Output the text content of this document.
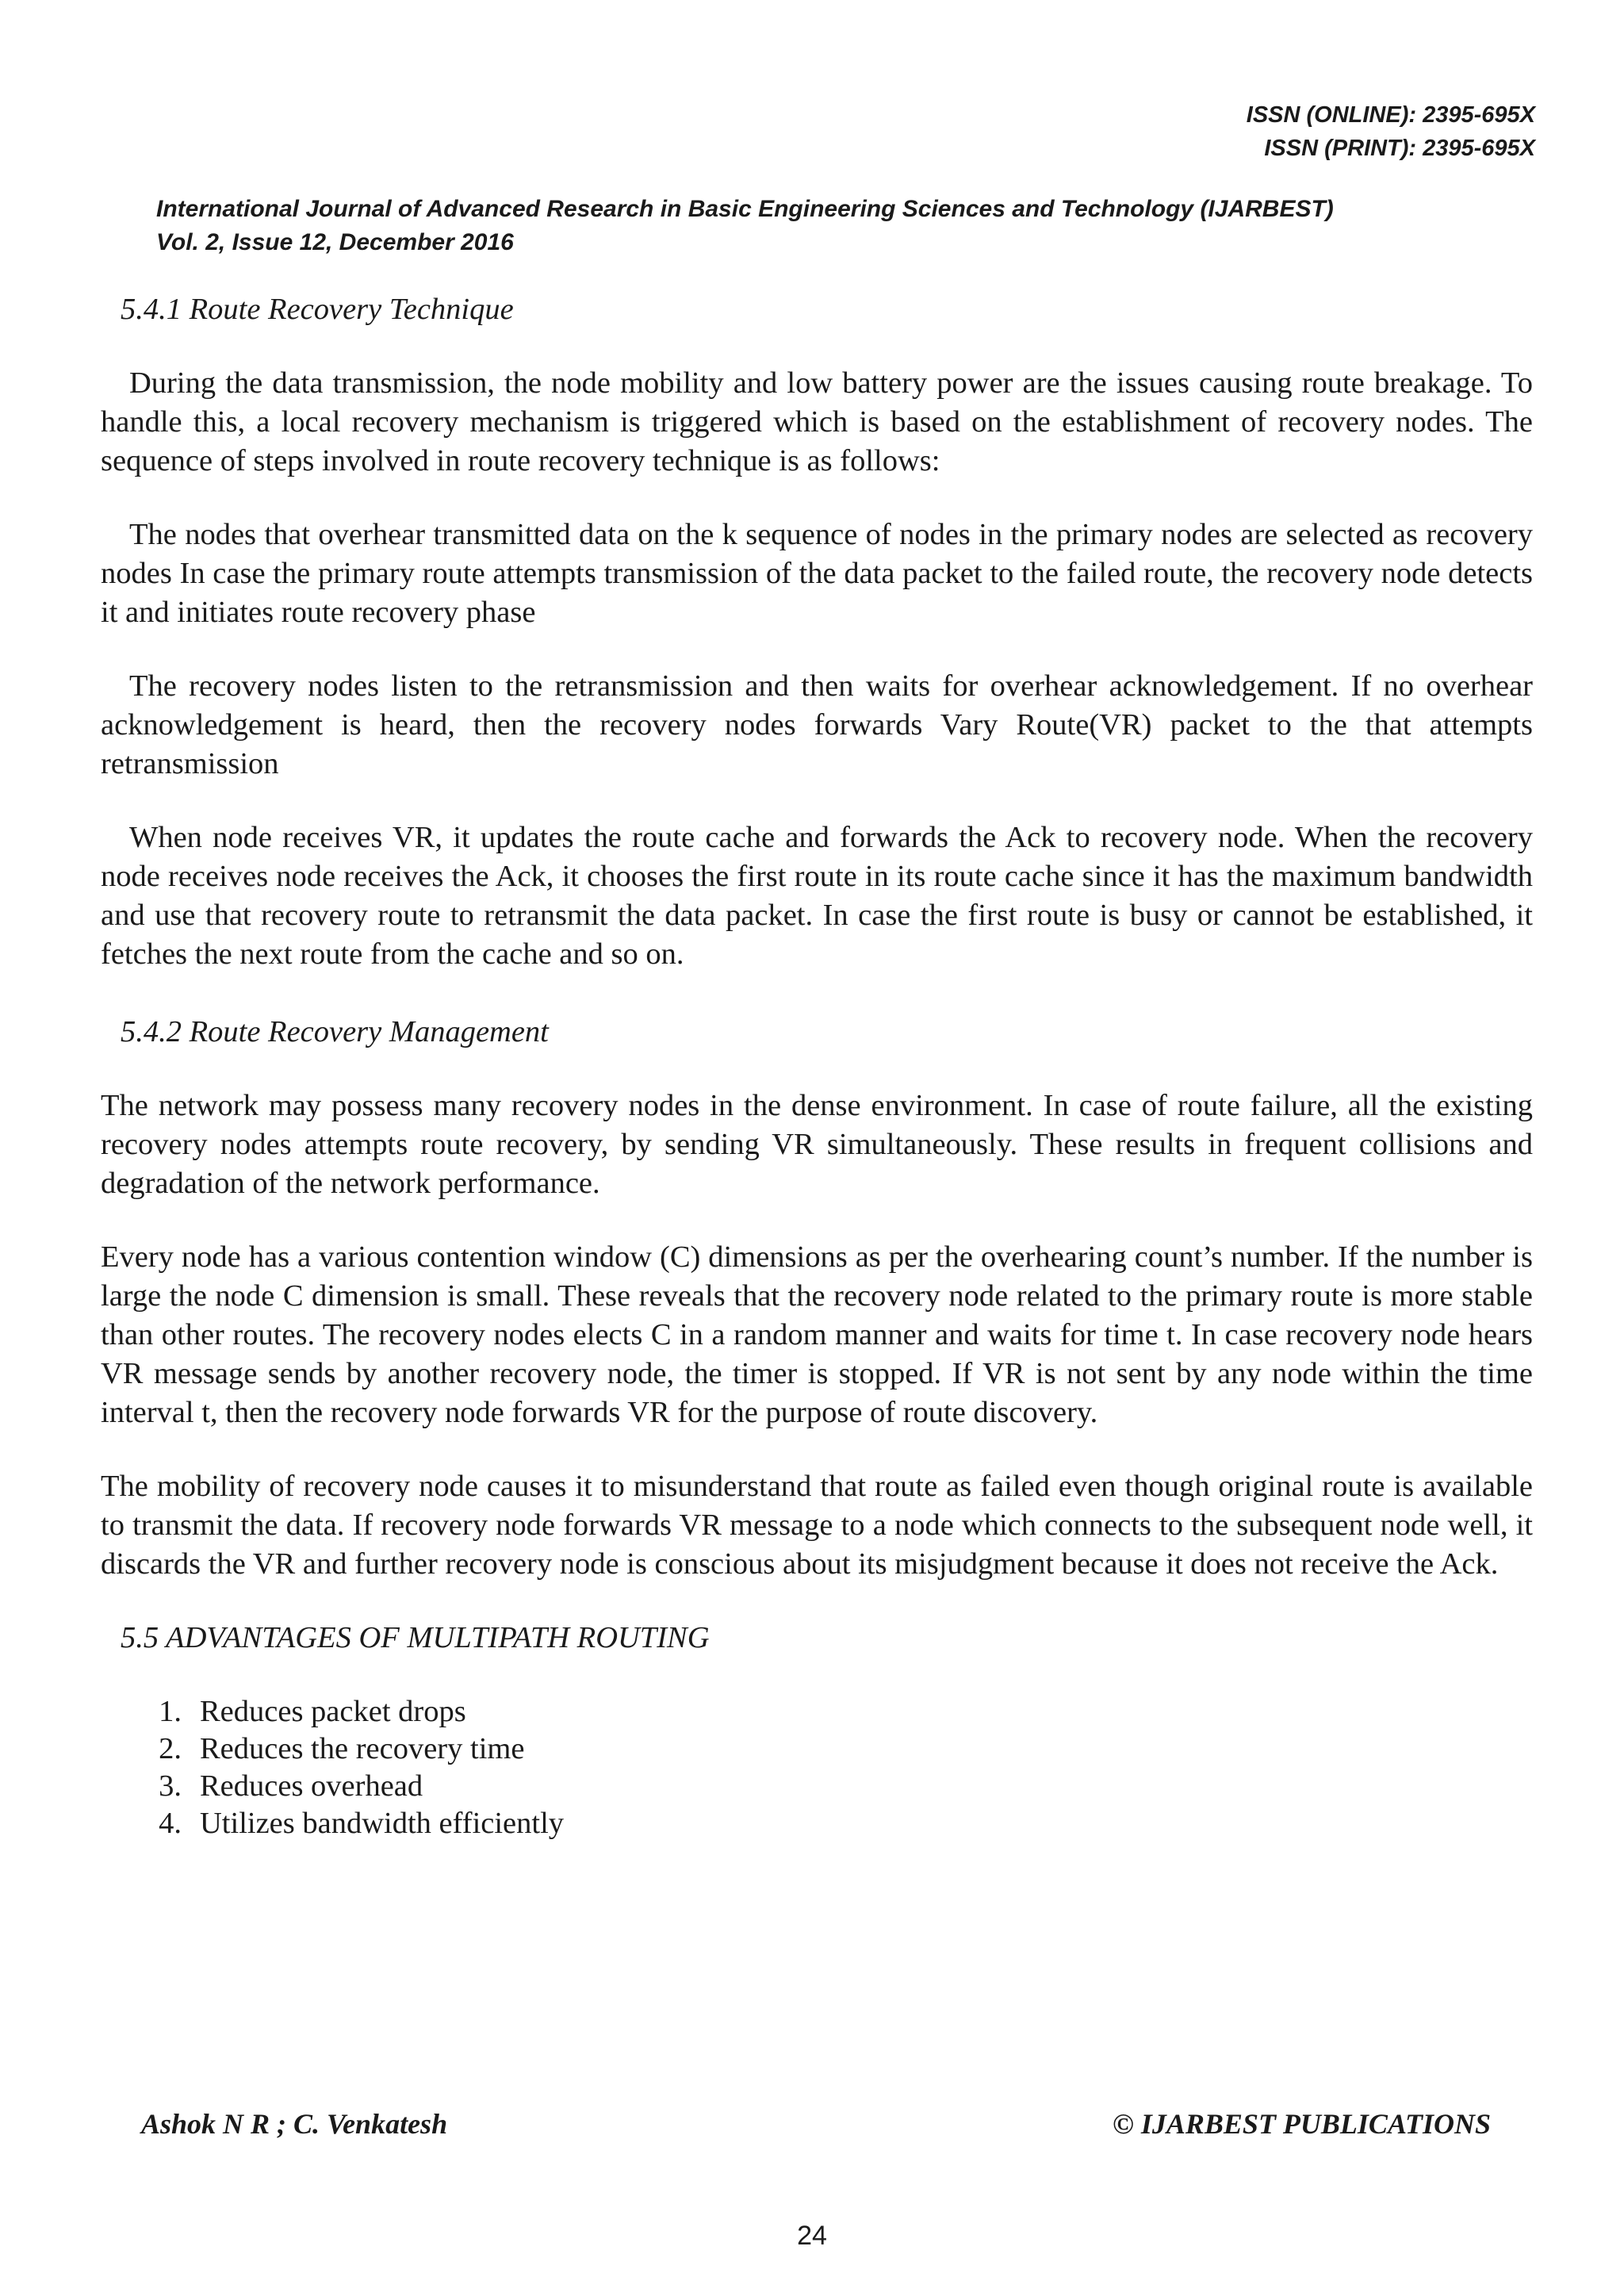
ISSN (ONLINE): 2395-695X
ISSN (PRINT): 2395-695X
International Journal of Advanced Research in Basic Engineering Sciences and Technology (IJARBEST)
Vol. 2, Issue 12, December 2016
5.4.1 Route Recovery Technique

During the data transmission, the node mobility and low battery power are the issues causing route breakage. To handle this, a local recovery mechanism is triggered which is based on the establishment of recovery nodes. The sequence of steps involved in route recovery technique is as follows:

The nodes that overhear transmitted data on the k sequence of nodes in the primary nodes are selected as recovery nodes In case the primary route attempts transmission of the data packet to the failed route, the recovery node detects it and initiates route recovery phase

The recovery nodes listen to the retransmission and then waits for overhear acknowledgement. If no overhear acknowledgement is heard, then the recovery nodes forwards Vary Route(VR) packet to the that attempts retransmission

When node receives VR, it updates the route cache and forwards the Ack to recovery node. When the recovery node receives node receives the Ack, it chooses the first route in its route cache since it has the maximum bandwidth and use that recovery route to retransmit the data packet. In case the first route is busy or cannot be established, it fetches the next route from the cache and so on.

5.4.2 Route Recovery Management

The network may possess many recovery nodes in the dense environment. In case of route failure, all the existing recovery nodes attempts route recovery, by sending VR simultaneously. These results in frequent collisions and degradation of the network performance.

Every node has a various contention window (C) dimensions as per the overhearing count’s number. If the number is large the node C dimension is small. These reveals that the recovery node related to the primary route is more stable than other routes. The recovery nodes elects C in a random manner and waits for time t. In case recovery node hears VR message sends by another recovery node, the timer is stopped. If VR is not sent by any node within the time interval t, then the recovery node forwards VR for the purpose of route discovery.

The mobility of recovery node causes it to misunderstand that route as failed even though original route is available to transmit the data. If recovery node forwards VR message to a node which connects to the subsequent node well, it discards the VR and further recovery node is conscious about its misjudgment because it does not receive the Ack.

5.5 ADVANTAGES OF MULTIPATH ROUTING
1. Reduces packet drops
2. Reduces the recovery time
3. Reduces overhead
4. Utilizes bandwidth efficiently
Ashok N R ; C. Venkatesh	© IJARBEST PUBLICATIONS
24
